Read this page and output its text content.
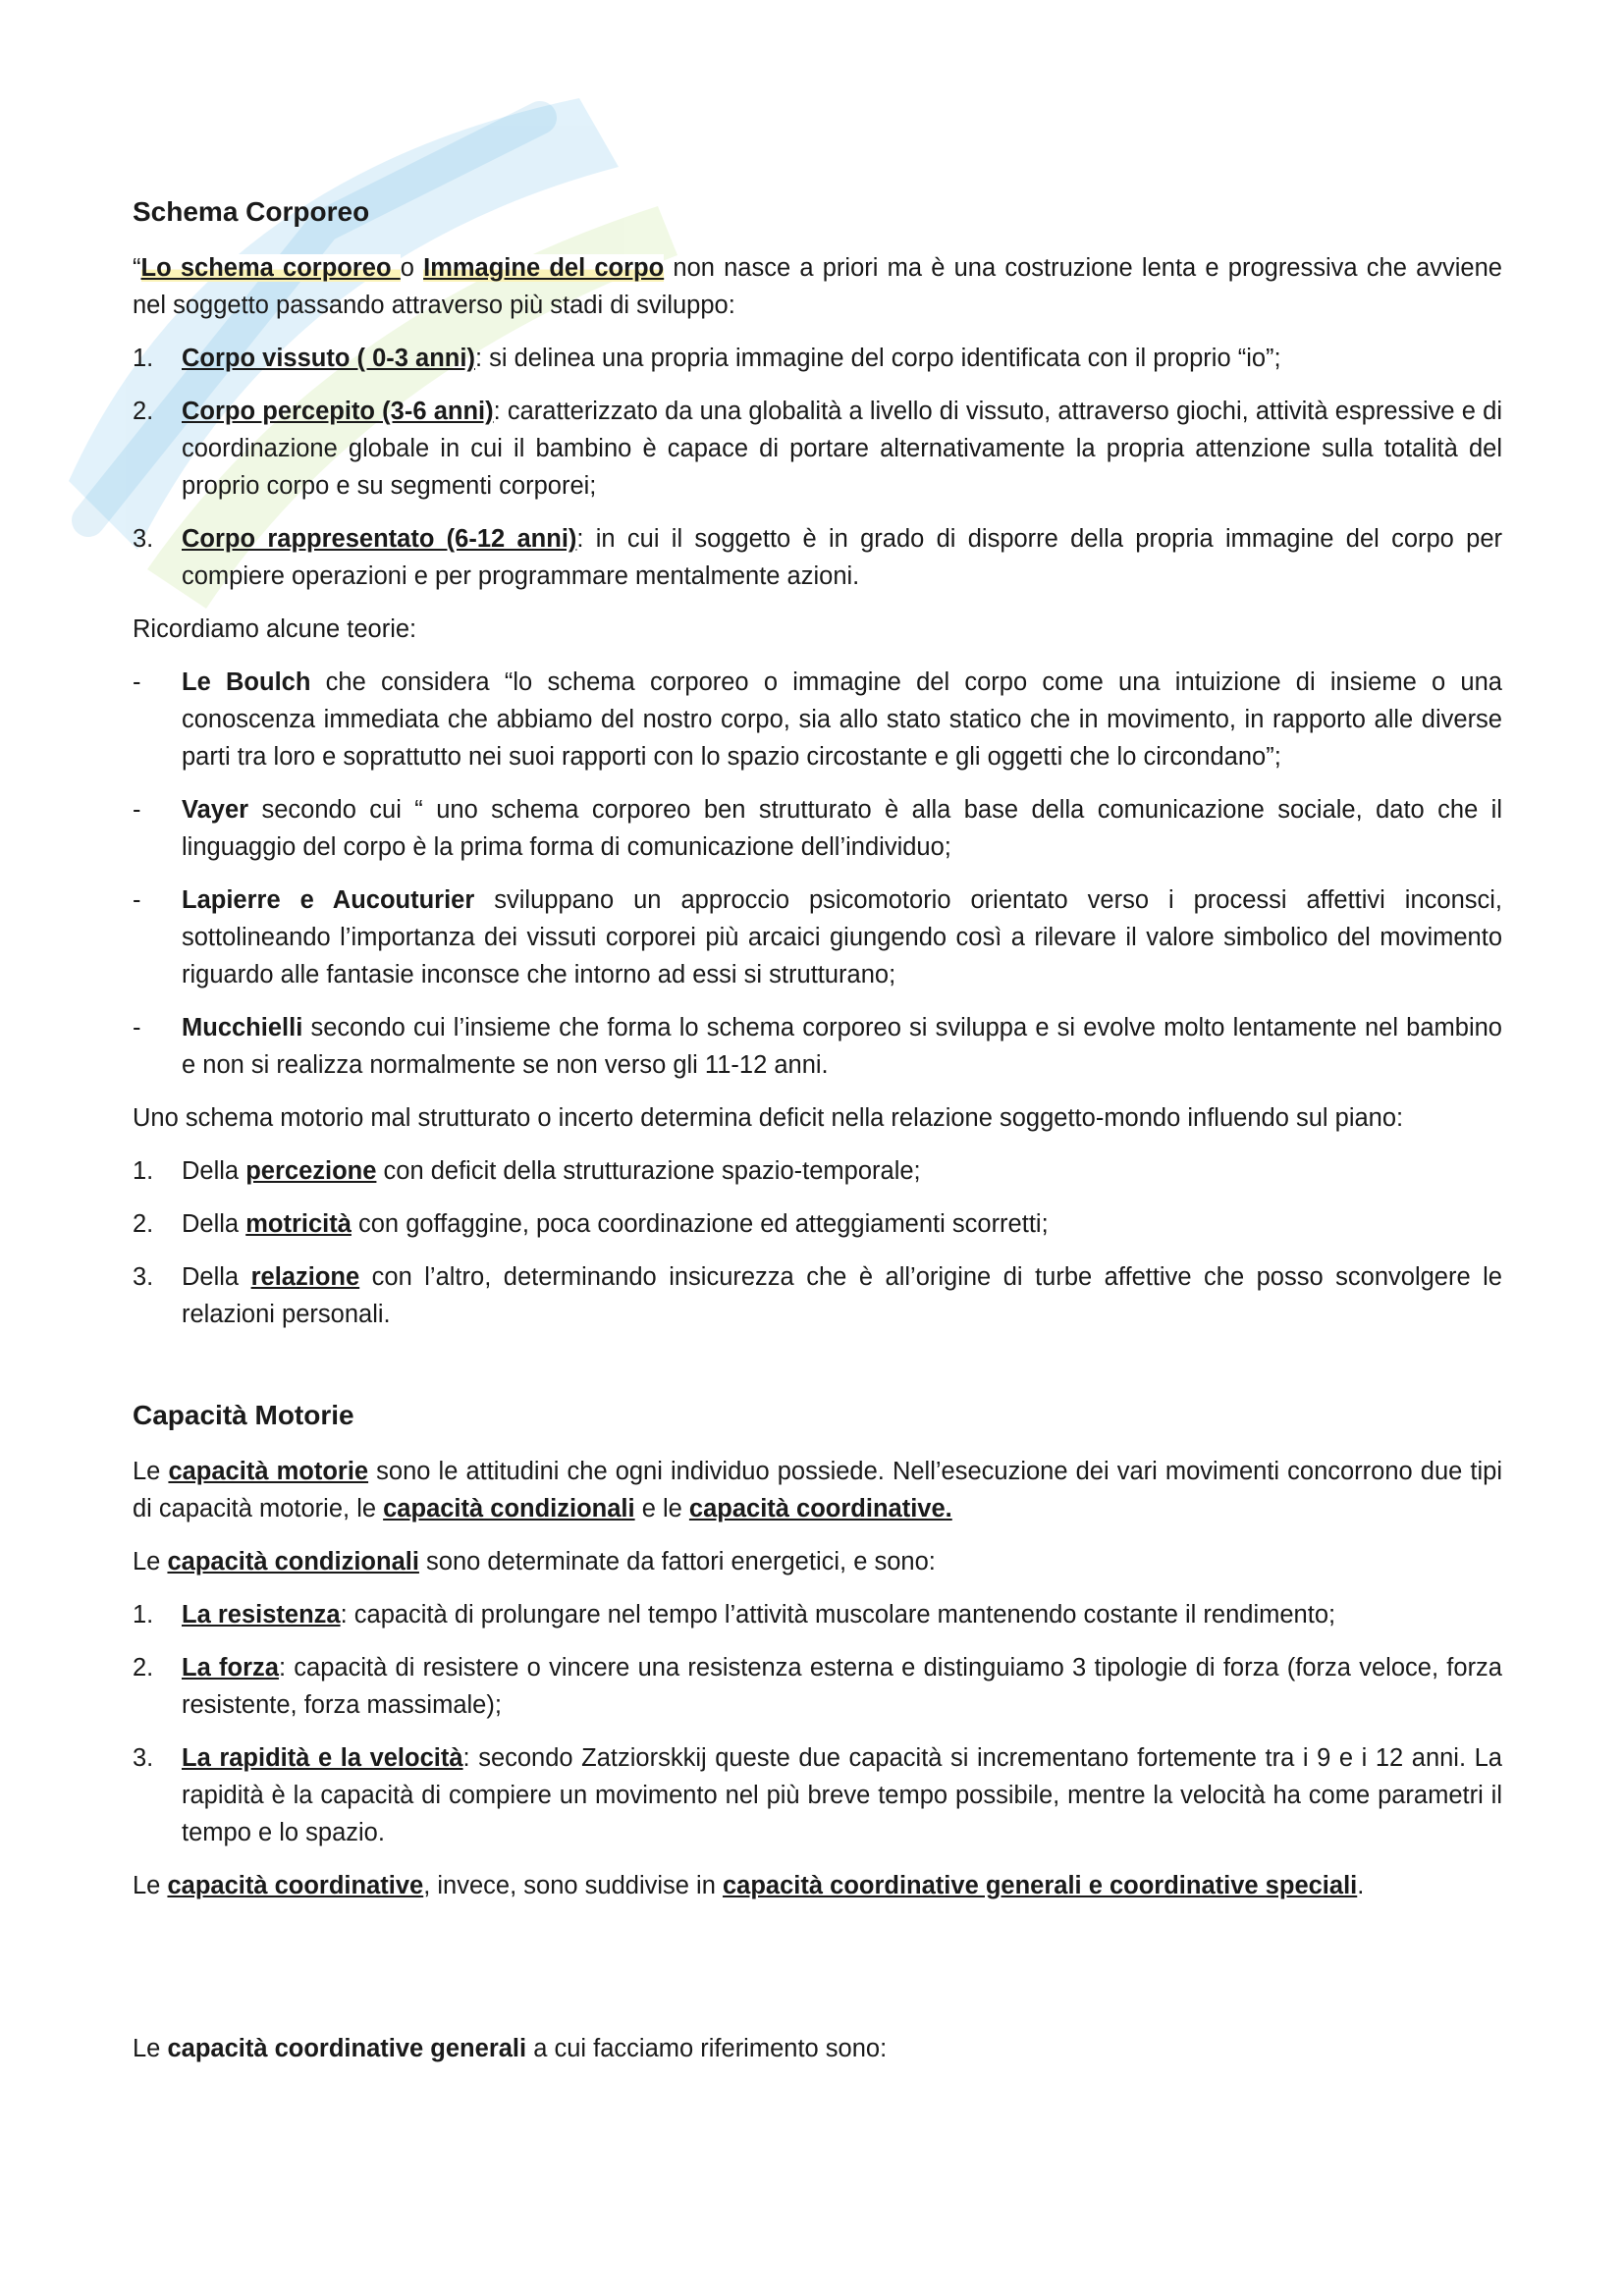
Schema Corporeo

“Lo schema corporeo o Immagine del corpo non nasce a priori ma è una costruzione lenta e progressiva che avviene nel soggetto passando attraverso più stadi di sviluppo:

1.	Corpo vissuto ( 0-3 anni): si delinea una propria immagine del corpo identificata con il proprio “io”;
2.	Corpo percepito (3-6 anni): caratterizzato da una globalità a livello di vissuto, attraverso giochi, attività espressive e di coordinazione globale in cui il bambino è capace di portare alternativamente la propria attenzione sulla totalità del proprio corpo e su segmenti corporei;
3.	Corpo rappresentato (6-12 anni): in cui il soggetto è in grado di disporre della propria immagine del corpo per compiere operazioni e per programmare mentalmente azioni.

Ricordiamo alcune teorie:

-	Le Boulch che considera “lo schema corporeo o immagine del corpo come una intuizione di insieme o una conoscenza immediata che abbiamo del nostro corpo, sia allo stato statico che in movimento, in rapporto alle diverse parti tra loro e soprattutto nei suoi rapporti con lo spazio circostante e gli oggetti che lo circondano”;
-	Vayer secondo cui “ uno schema corporeo ben strutturato è alla base della comunicazione sociale, dato che il linguaggio del corpo è la prima forma di comunicazione dell’individuo;
-	Lapierre e Aucouturier sviluppano un approccio psicomotorio orientato verso i processi affettivi inconsci, sottolineando l’importanza dei vissuti corporei più arcaici giungendo così a rilevare il valore simbolico del movimento riguardo alle fantasie inconsce che intorno ad essi si strutturano;
-	Mucchielli secondo cui l’insieme che forma lo schema corporeo si sviluppa e si evolve molto lentamente nel bambino e non si realizza normalmente se non verso gli 11-12 anni.

Uno schema motorio mal strutturato o incerto determina deficit nella relazione soggetto-mondo influendo sul piano:

1.	Della percezione con deficit della strutturazione spazio-temporale;
2.	Della motricità con goffaggine, poca coordinazione ed atteggiamenti scorretti;
3.	Della relazione con l’altro, determinando insicurezza che è all’origine di turbe affettive che posso sconvolgere le relazioni personali.
Capacità Motorie

Le capacità motorie sono le attitudini che ogni individuo possiede. Nell’esecuzione dei vari movimenti concorrono due tipi di capacità motorie, le capacità condizionali e le capacità coordinative.

Le capacità condizionali sono determinate da fattori energetici, e sono:

1.	La resistenza: capacità di prolungare nel tempo l’attività muscolare mantenendo costante il rendimento;
2.	La forza: capacità di resistere o vincere una resistenza esterna e distinguiamo 3 tipologie di forza (forza veloce, forza resistente, forza massimale);
3.	La rapidità e la velocità: secondo Zatziorskkij queste due capacità si incrementano fortemente tra i 9 e i 12 anni. La rapidità è la capacità di compiere un movimento nel più breve tempo possibile, mentre la velocità ha come parametri il tempo e lo spazio.

Le capacità coordinative, invece, sono suddivise in capacità coordinative generali e coordinative speciali.

Le capacità coordinative generali a cui facciamo riferimento sono:
